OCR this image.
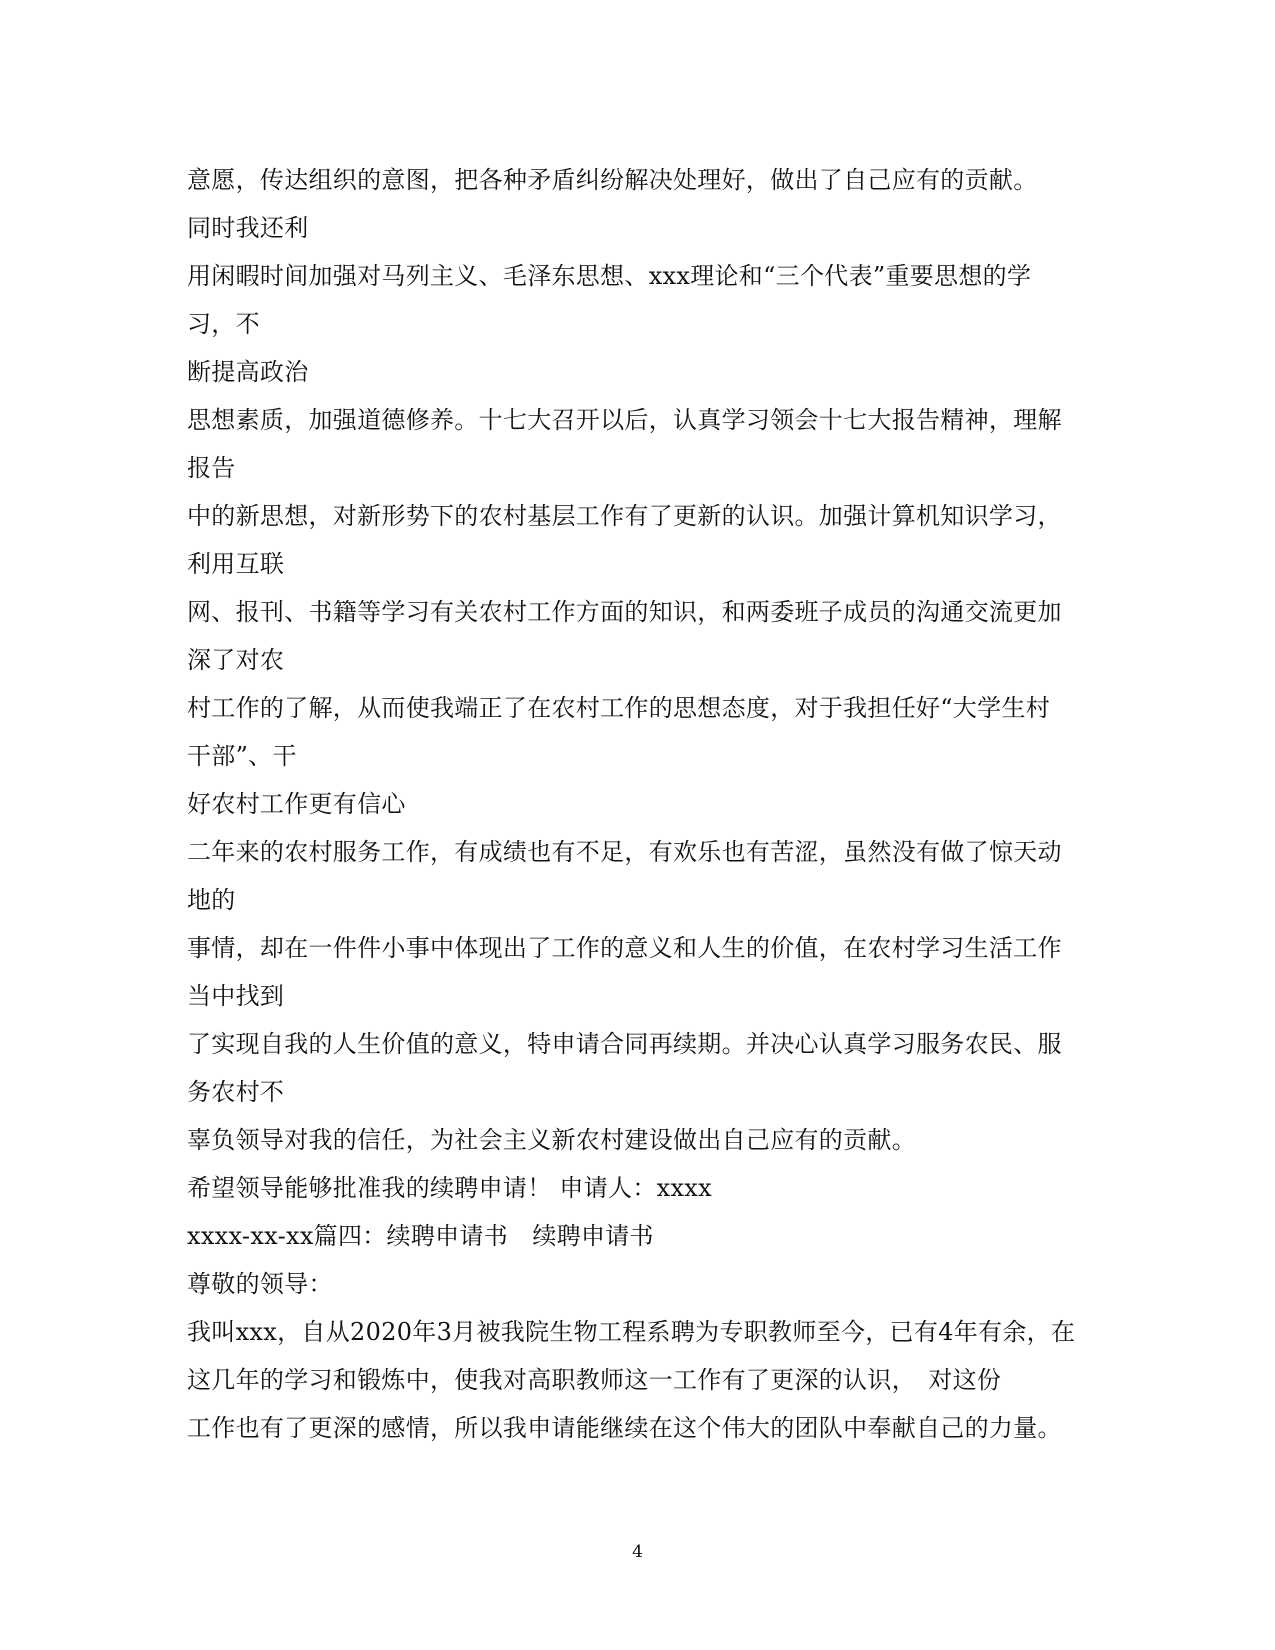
意愿，传达组织的意图，把各种矛盾纠纷解决处理好，做出了自己应有的贡献。
同时我还利
用闲暇时间加强对马列主义、毛泽东思想、xxx理论和“三个代表”重要思想的学
习，不
断提高政治
思想素质，加强道德修养。十七大召开以后，认真学习领会十七大报告精神，理解
报告
中的新思想，对新形势下的农村基层工作有了更新的认识。加强计算机知识学习，
利用互联
网、报刊、书籍等学习有关农村工作方面的知识，和两委班子成员的沟通交流更加
深了对农
村工作的了解，从而使我端正了在农村工作的思想态度，对于我担任好“大学生村
干部”、干
好农村工作更有信心
二年来的农村服务工作，有成绩也有不足，有欢乐也有苦涩，虽然没有做了惊天动
地的
事情，却在一件件小事中体现出了工作的意义和人生的价值，在农村学习生活工作
当中找到
了实现自我的人生价值的意义，特申请合同再续期。并决心认真学习服务农民、服
务农村不
辜负领导对我的信任，为社会主义新农村建设做出自己应有的贡献。
希望领导能够批准我的续聘申请！ 申请人：xxxx
xxxx-xx-xx篇四：续聘申请书　续聘申请书
尊敬的领导：
我叫xxx，自从2020年3月被我院生物工程系聘为专职教师至今，已有4年有余，在
这几年的学习和锻炼中，使我对高职教师这一工作有了更深的认识，　对这份
工作也有了更深的感情，所以我申请能继续在这个伟大的团队中奉献自己的力量。
4
